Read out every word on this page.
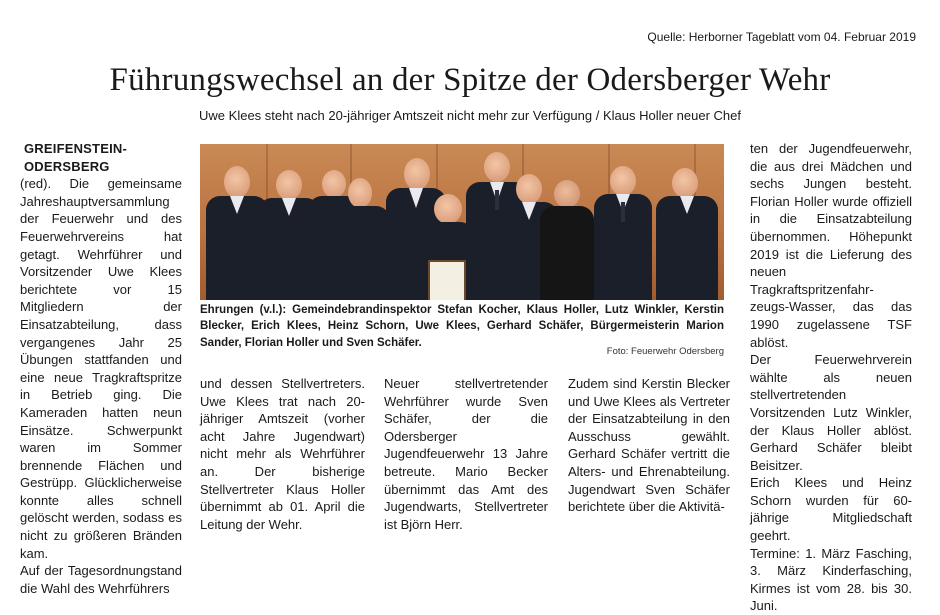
Quelle: Herborner Tageblatt vom 04. Februar 2019
Führungswechsel an der Spitze der Odersberger Wehr
Uwe Klees steht nach 20-jähriger Amtszeit nicht mehr zur Verfügung / Klaus Holler neuer Chef

GREIFENSTEIN-ODERSBERG

(red). Die gemeinsame Jahreshauptversammlung der Feuerwehr und des Feuerwehrvereins hat getagt. Wehrführer und Vorsitzender Uwe Klees berichtete vor 15 Mitgliedern der Einsatzabteilung, dass vergangenes Jahr 25 Übungen stattfanden und eine neue Tragkraftspritze in Betrieb ging. Die Kameraden hatten neun Einsätze. Schwerpunkt waren im Sommer brennende Flächen und Gestrüpp. Glücklicherweise konnte alles schnell gelöscht werden, sodass es nicht zu größeren Bränden kam.

Auf der Tagesordnungstand die Wahl des Wehrführers

Ehrungen (v.l.): Gemeindebrandinspektor Stefan Kocher, Klaus Holler, Lutz Winkler, Kerstin Blecker, Erich Klees, Heinz Schorn, Uwe Klees, Gerhard Schäfer, Bürgermeisterin Marion Sander, Florian Holler und Sven Schäfer.
Foto: Feuerwehr Odersberg

und dessen Stellvertreters. Uwe Klees trat nach 20-jähriger Amtszeit (vorher acht Jahre Jugendwart) nicht mehr als Wehrführer an. Der bisherige Stellvertreter Klaus Holler übernimmt ab 01. April die Leitung der Wehr.

Neuer stellvertretender Wehrführer wurde Sven Schäfer, der die Odersberger Jugendfeuerwehr 13 Jahre betreute. Mario Becker übernimmt das Amt des Jugendwarts, Stellvertreter ist Björn Herr.

Zudem sind Kerstin Blecker und Uwe Klees als Vertreter der Einsatzabteilung in den Ausschuss gewählt. Gerhard Schäfer vertritt die Alters- und Ehrenabteilung. Jugendwart Sven Schäfer berichtete über die Aktivitä-

ten der Jugendfeuerwehr, die aus drei Mädchen und sechs Jungen besteht. Florian Holler wurde offiziell in die Einsatzabteilung übernommen. Höhepunkt 2019 ist die Lieferung des neuen Tragkraftspritzenfahr-zeugs-Wasser, das das 1990 zugelassene TSF ablöst.

Der Feuerwehrverein wählte als neuen stellvertretenden Vorsitzenden Lutz Winkler, der Klaus Holler ablöst. Gerhard Schäfer bleibt Beisitzer.

Erich Klees und Heinz Schorn wurden für 60-jährige Mitgliedschaft geehrt.

Termine: 1. März Fasching, 3. März Kinderfasching, Kirmes ist vom 28. bis 30. Juni.
